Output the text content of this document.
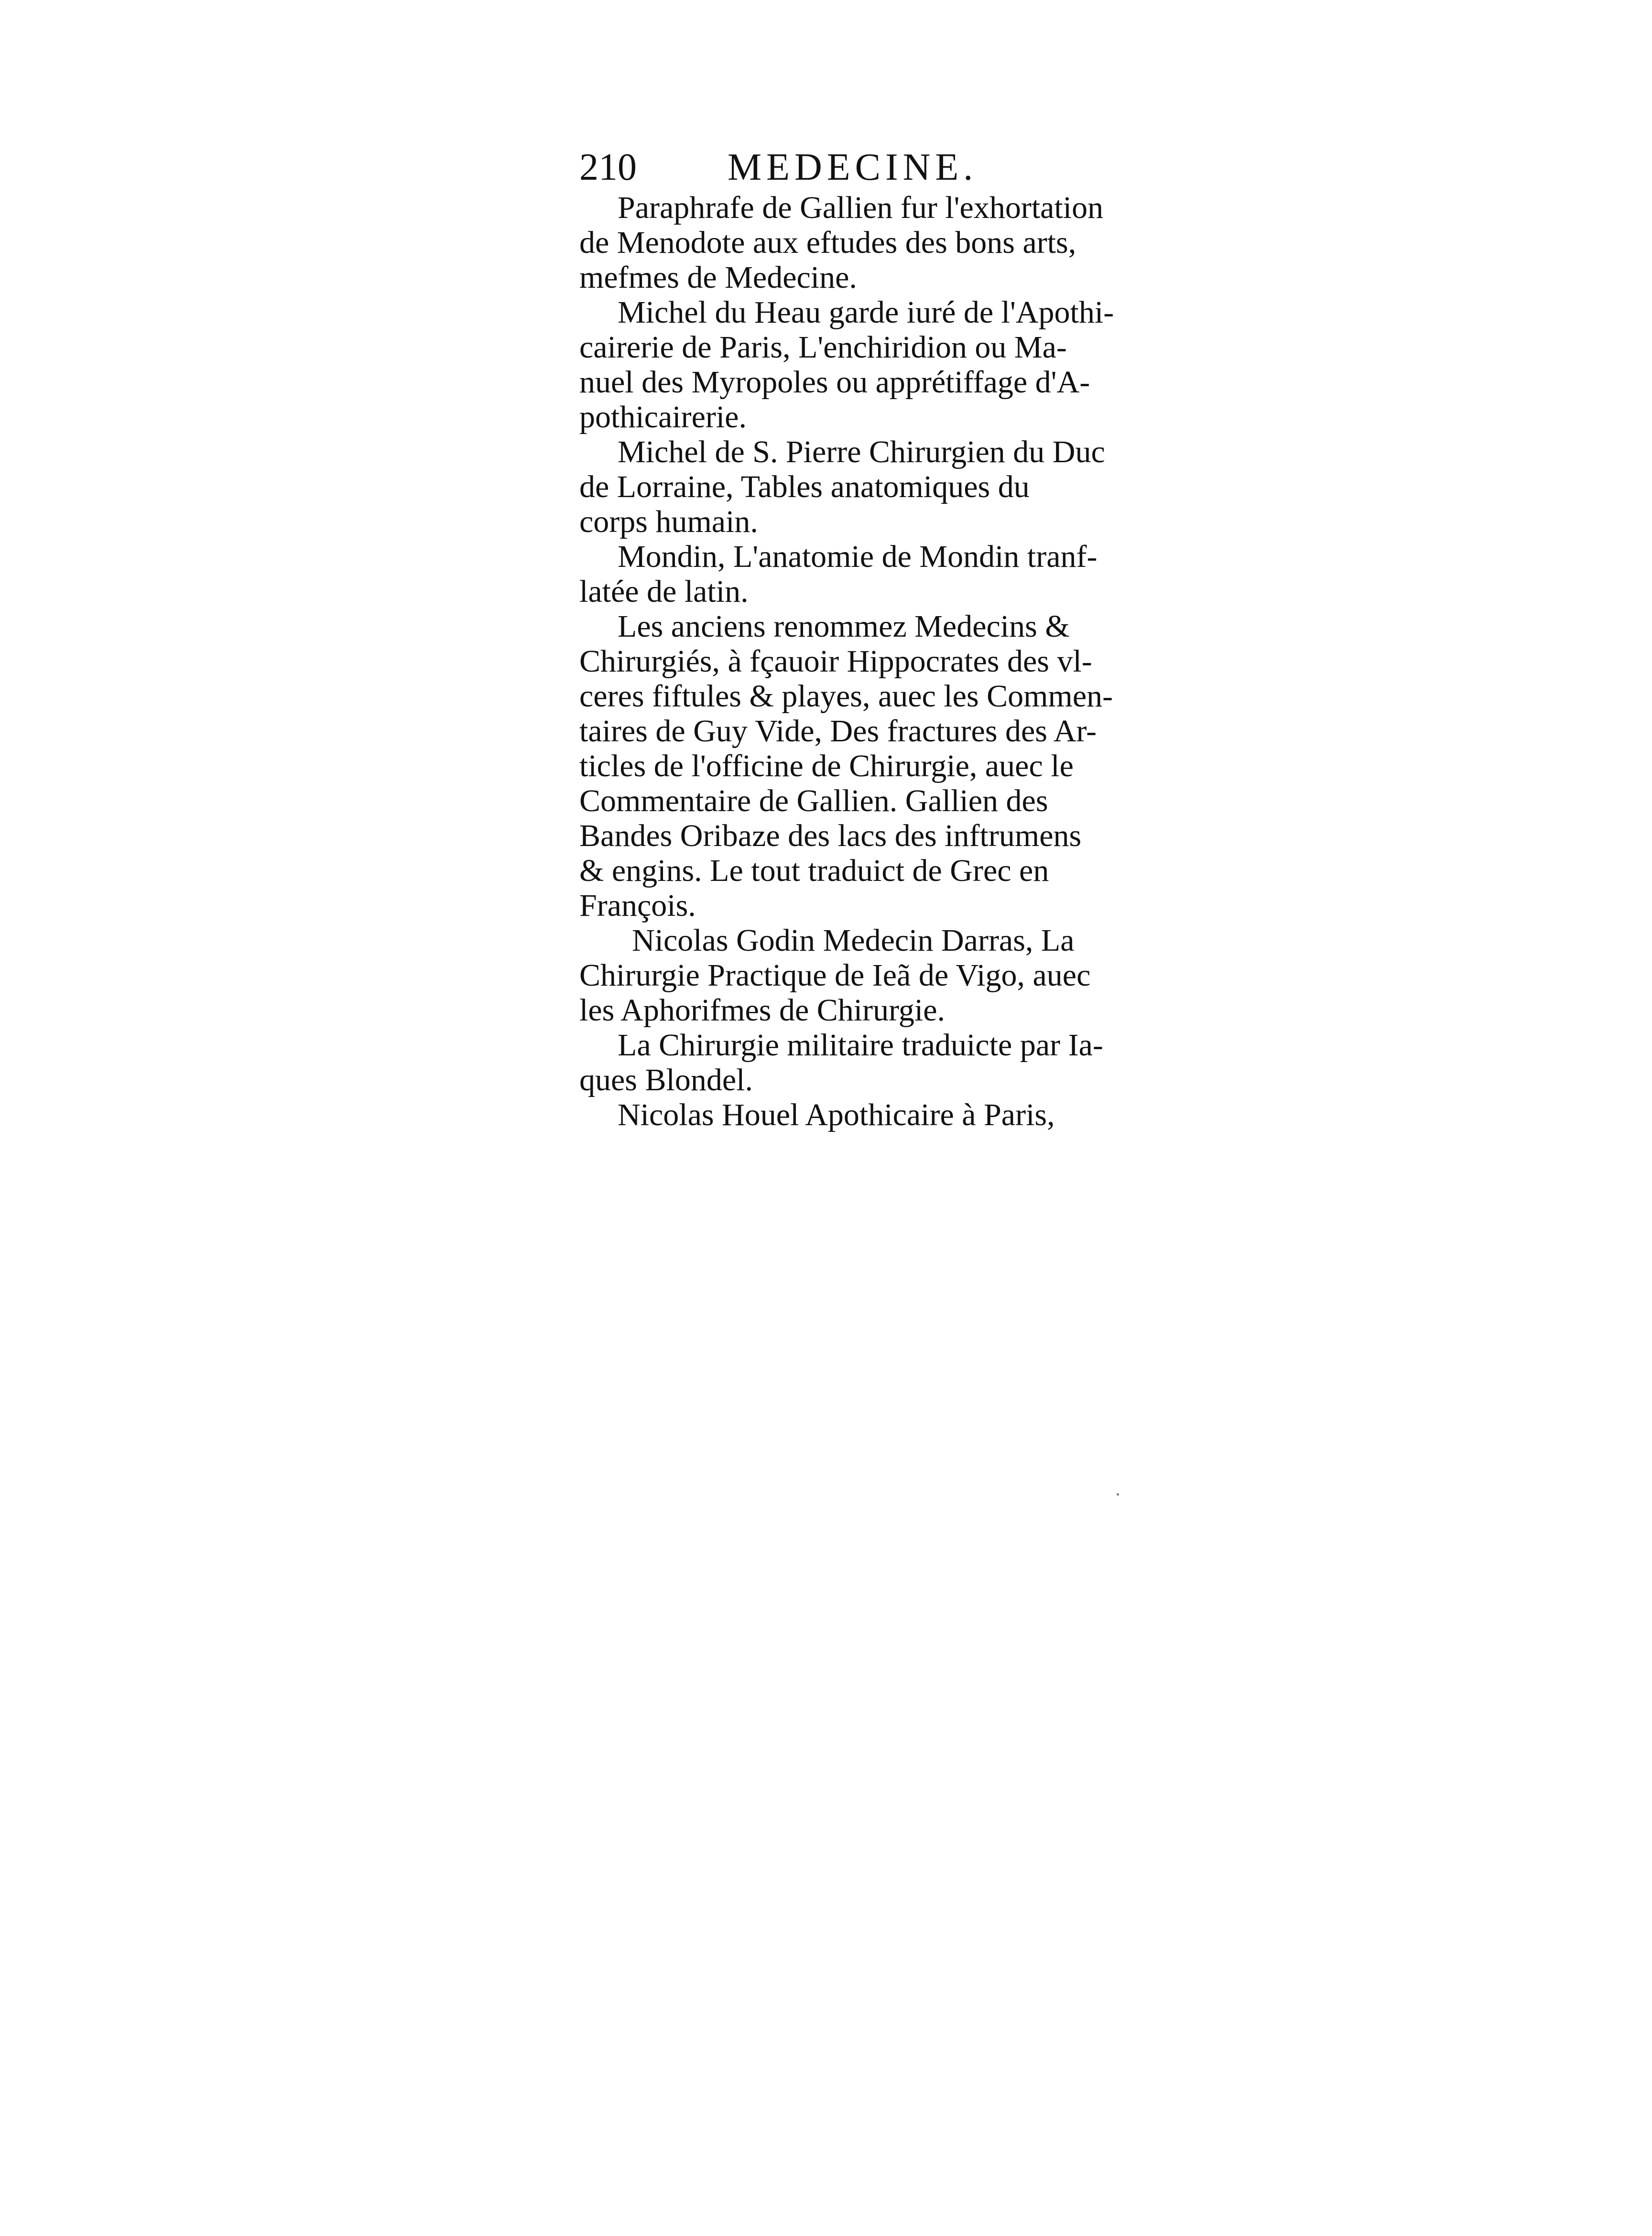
210 MEDECINE.
Paraphrafe de Gallien fur l'exhortation
de Menodote aux eftudes des bons arts,
mefmes de Medecine.
Michel du Heau garde iuré de l'Apothi-
cairerie de Paris, L'enchiridion ou Ma-
nuel des Myropoles ou apprétiffage d'A-
pothicairerie.
Michel de S. Pierre Chirurgien du Duc
de Lorraine, Tables anatomiques du
corps humain.
Mondin, L'anatomie de Mondin tranf-
latée de latin.
Les anciens renommez Medecins &
Chirurgiés, à fçauoir Hippocrates des vl-
ceres fiftules & playes, auec les Commen-
taires de Guy Vide, Des fractures des Ar-
ticles de l'officine de Chirurgie, auec le
Commentaire de Gallien. Gallien des
Bandes Oribaze des lacs des inftrumens
& engins. Le tout traduict de Grec en
François.
Nicolas Godin Medecin Darras, La
Chirurgie Practique de Ieã de Vigo, auec
les Aphorifmes de Chirurgie.
La Chirurgie militaire traduicte par Ia-
ques Blondel.
Nicolas Houel Apothicaire à Paris,
